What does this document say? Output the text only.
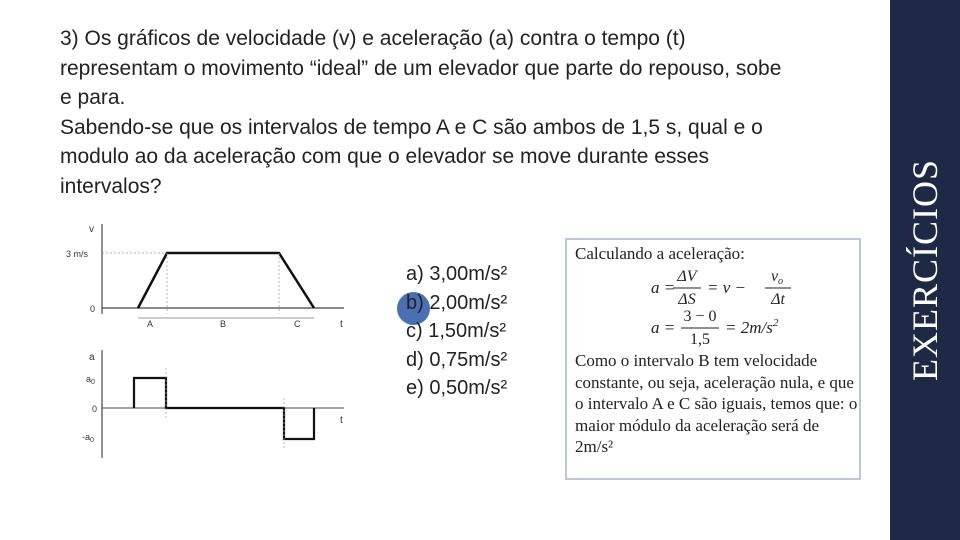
3) Os gráficos de velocidade (v) e aceleração (a) contra o tempo (t) representam o movimento “ideal” de um elevador que parte do repouso, sobe e para.

Sabendo-se que os intervalos de tempo A e C são ambos de 1,5 s, qual e o modulo ao da aceleração com que o elevador se move durante esses intervalos?	EXERCÍCIOS
v
3 m/s
0
A	B	C	t
a
$a_0$
0
$-a_0$
t
a) 3,00m/s²
b) 2,00m/s²
c) 1,50m/s²
d) 0,75m/s²
e) 0,50m/s²
Calculando a aceleração:
a =
ΔV
ΔS
= v −
vo
Δt
a =
3 − 0
1,5
= $2m/s^2$
Como o intervalo B tem velocidade constante, ou seja, aceleração nula, e que o intervalo A e C são iguais, temos que: o maior módulo da aceleração será de 2m/s²
